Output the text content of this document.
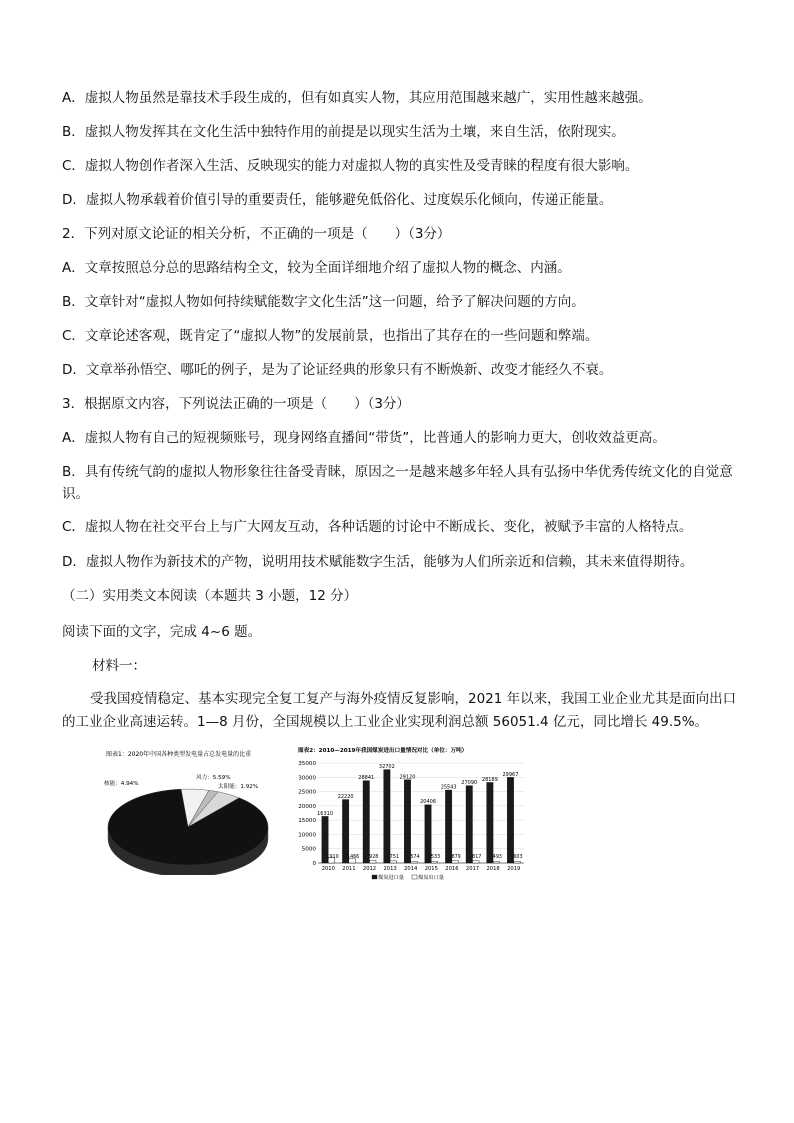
A．虚拟人物虽然是靠技术手段生成的，但有如真实人物，其应用范围越来越广，实用性越来越强。
B．虚拟人物发挥其在文化生活中独特作用的前提是以现实生活为土壤，来自生活，依附现实。
C．虚拟人物创作者深入生活、反映现实的能力对虚拟人物的真实性及受青睐的程度有很大影响。
D．虚拟人物承载着价值引导的重要责任，能够避免低俗化、过度娱乐化倾向，传递正能量。
2．下列对原文论证的相关分析，不正确的一项是（　　）（3分）
A．文章按照总分总的思路结构全文，较为全面详细地介绍了虚拟人物的概念、内涵。
B．文章针对“虚拟人物如何持续赋能数字文化生活”这一问题，给予了解决问题的方向。
C．文章论述客观，既肯定了“虚拟人物”的发展前景，也指出了其存在的一些问题和弊端。
D．文章举孙悟空、哪吒的例子，是为了论证经典的形象只有不断焕新、改变才能经久不衰。
3．根据原文内容，下列说法正确的一项是（　　）（3分）
A．虚拟人物有自己的短视频账号，现身网络直播间“带货”，比普通人的影响力更大，创收效益更高。
B．具有传统气韵的虚拟人物形象往往备受青睐，原因之一是越来越多年轻人具有弘扬中华优秀传统文化的自觉意识。
C．虚拟人物在社交平台上与广大网友互动，各种话题的讨论中不断成长、变化，被赋予丰富的人格特点。
D．虚拟人物作为新技术的产物，说明用技术赋能数字生活，能够为人们所亲近和信赖，其未来值得期待。
（二）实用类文本阅读（本题共 3 小题，12 分）
阅读下面的文字，完成 4~6 题。
材料一：
受我国疫情稳定、基本实现完全复工复产与海外疫情反复影响，2021 年以来，我国工业企业尤其是面向出口的工业企业高速运转。1—8 月份，全国规模以上工业企业实现利润总额 56051.4 亿元，同比增长 49.5%。
图表1：2020年中国各种类型发电量占总发电量的比重
风力：5.59%
太阳能：1.92%
核能：4.94%
图表2：2010—2019年我国煤炭进出口量情况对比（单位：万吨）
0
5000
10000
15000
20000
25000
30000
35000
2010 2011 2012 2013 2014 2015 2016 2017 2018 2019
16310
1910
22220
1466
28841
928
32702
751
29120
574
20406
533
25543
879
27090
817
28189
493
29967
603
煤炭进口量	煤炭出口量
